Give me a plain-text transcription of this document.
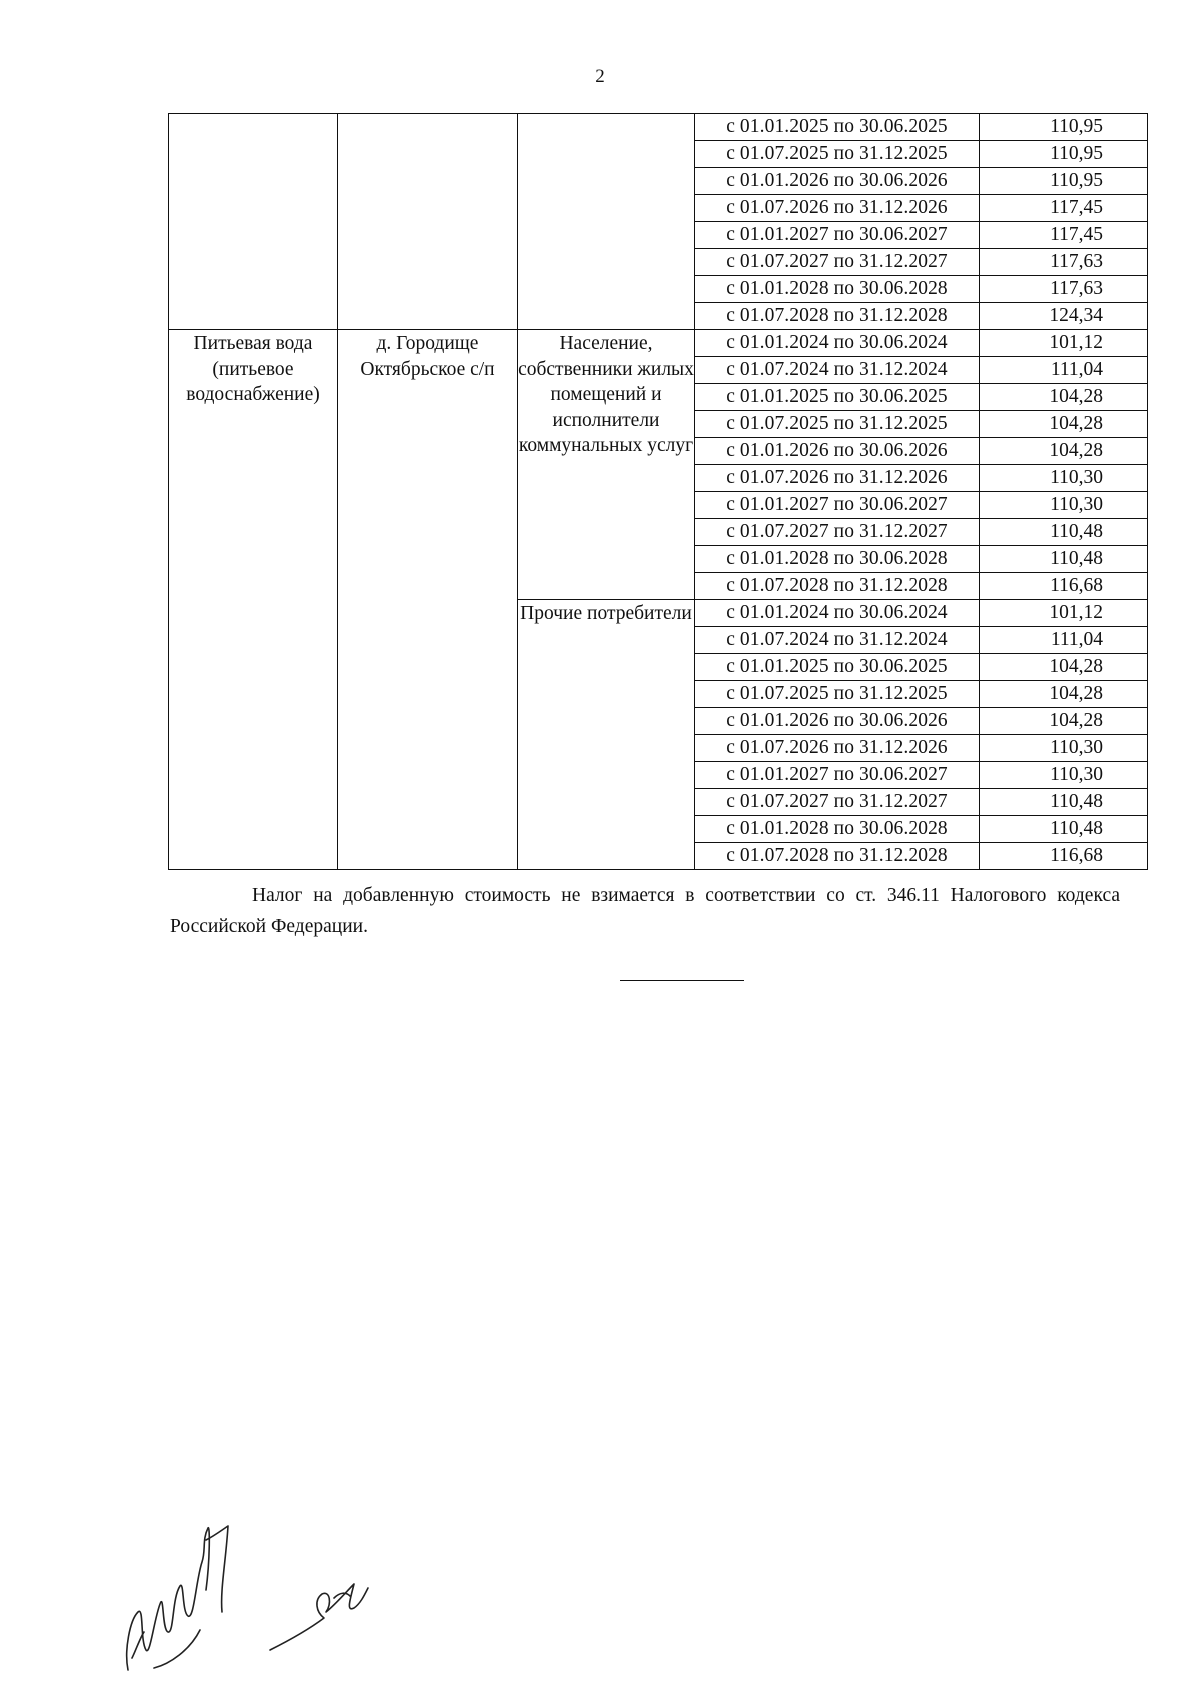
2
			с 01.01.2025 по 30.06.2025	110,95
			с 01.07.2025 по 31.12.2025	110,95
			с 01.01.2026 по 30.06.2026	110,95
			с 01.07.2026 по 31.12.2026	117,45
			с 01.01.2027 по 30.06.2027	117,45
			с 01.07.2027 по 31.12.2027	117,63
			с 01.01.2028 по 30.06.2028	117,63
			с 01.07.2028 по 31.12.2028	124,34
Питьевая вода (питьевое водоснабжение)	д. Городище Октябрьское с/п	Население, собственники жилых помещений и исполнители коммунальных услуг	с 01.01.2024 по 30.06.2024	101,12
			с 01.07.2024 по 31.12.2024	111,04
			с 01.01.2025 по 30.06.2025	104,28
			с 01.07.2025 по 31.12.2025	104,28
			с 01.01.2026 по 30.06.2026	104,28
			с 01.07.2026 по 31.12.2026	110,30
			с 01.01.2027 по 30.06.2027	110,30
			с 01.07.2027 по 31.12.2027	110,48
			с 01.01.2028 по 30.06.2028	110,48
			с 01.07.2028 по 31.12.2028	116,68
		Прочие потребители	с 01.01.2024 по 30.06.2024	101,12
			с 01.07.2024 по 31.12.2024	111,04
			с 01.01.2025 по 30.06.2025	104,28
			с 01.07.2025 по 31.12.2025	104,28
			с 01.01.2026 по 30.06.2026	104,28
			с 01.07.2026 по 31.12.2026	110,30
			с 01.01.2027 по 30.06.2027	110,30
			с 01.07.2027 по 31.12.2027	110,48
			с 01.01.2028 по 30.06.2028	110,48
			с 01.07.2028 по 31.12.2028	116,68

Налог на добавленную стоимость не взимается в соответствии со ст. 346.11 Налогового кодекса Российской Федерации.
